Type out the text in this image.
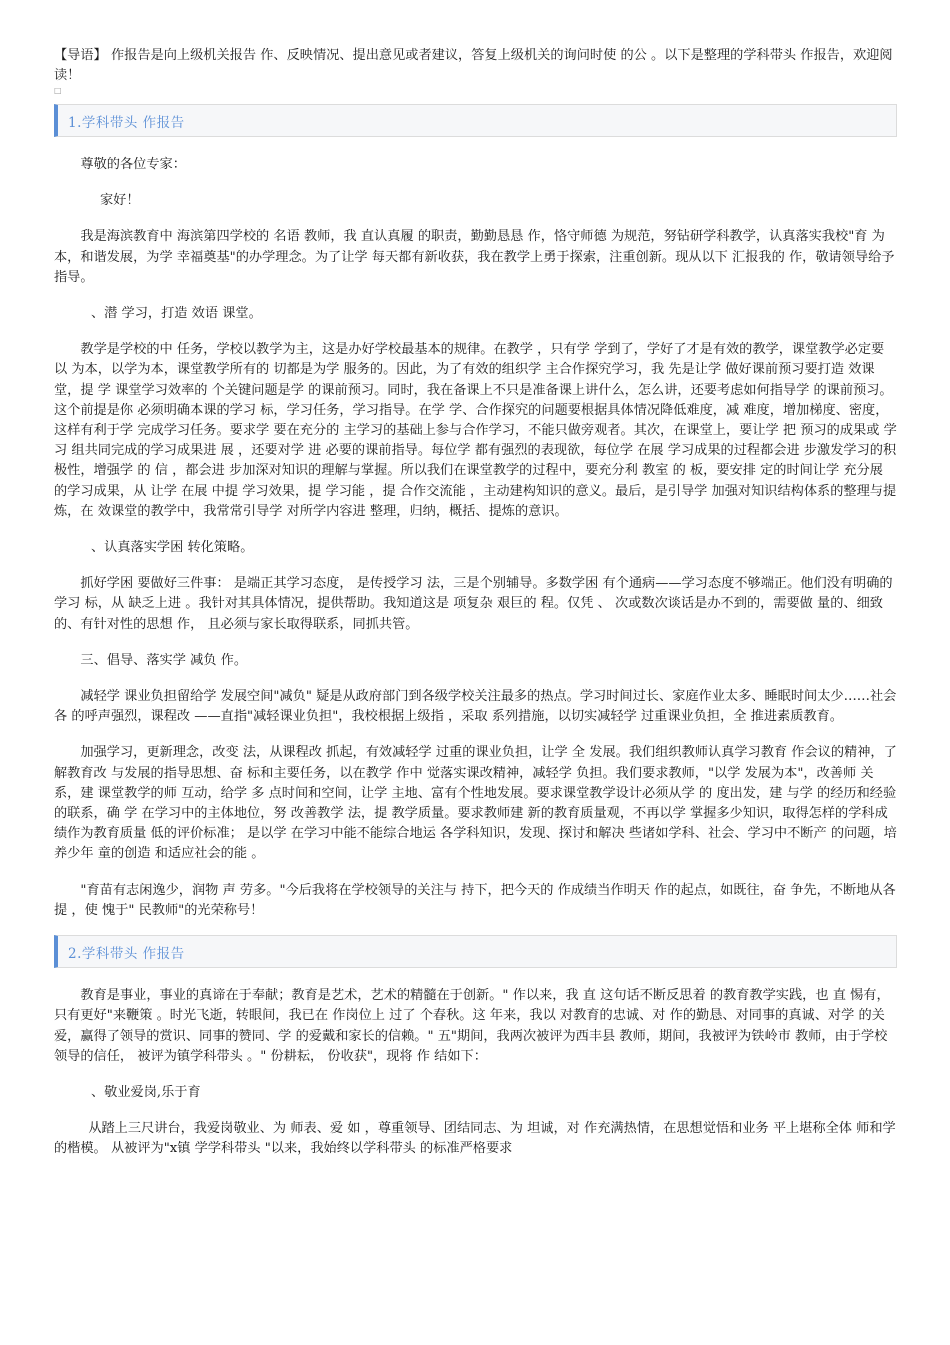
【导语】 作报告是向上级机关报告 作、反映情况、提出意见或者建议，答复上级机关的询问时使 的公 。以下是整理的学科带头 作报告，欢迎阅读！

□
1.学科带头 作报告

尊敬的各位专家：

家好！

我是海滨教育中 海滨第四学校的 名语 教师，我 直认真履 的职责，勤勤恳恳 作，恪守师德 为规范，努钻研学科教学，认真落实我校"育 为本，和谐发展，为学 幸福奠基"的办学理念。为了让学 每天都有新收获，我在教学上勇于探索，注重创新。现从以下 汇报我的 作，敬请领导给予指导。

、潜 学习，打造 效语 课堂。

教学是学校的中 任务，学校以教学为主，这是办好学校最基本的规律。在教学 ，只有学 学到了，学好了才是有效的教学，课堂教学必定要以 为本，以学为本，课堂教学所有的 切都是为学 服务的。因此，为了有效的组织学 主合作探究学习，我 先是让学 做好课前预习要打造 效课堂，提 学 课堂学习效率的 个关键问题是学 的课前预习。同时，我在备课上不只是准备课上讲什么，怎么讲，还要考虑如何指导学 的课前预习。这个前提是你 必须明确本课的学习 标，学习任务，学习指导。在学 学、合作探究的问题要根据具体情况降低难度，减 难度，增加梯度、密度，这样有利于学 完成学习任务。要求学 要在充分的 主学习的基础上参与合作学习，不能只做旁观者。其次，在课堂上，要让学 把 预习的成果或 学习 组共同完成的学习成果进 展 ，还要对学 进 必要的课前指导。每位学 都有强烈的表现欲，每位学 在展 学习成果的过程都会进 步激发学习的积极性，增强学 的 信 ，都会进 步加深对知识的理解与掌握。所以我们在课堂教学的过程中，要充分利 教室 的 板，要安排 定的时间让学 充分展 的学习成果，从 让学 在展 中提 学习效果，提 学习能 ，提 合作交流能 ，主动建构知识的意义。最后，是引导学 加强对知识结构体系的整理与提炼，在 效课堂的教学中，我常常引导学 对所学内容进 整理，归纳，概括、提炼的意识。

、认真落实学困 转化策略。

抓好学困 要做好三件事： 是端正其学习态度， 是传授学习 法，三是个别辅导。多数学困 有个通病——学习态度不够端正。他们没有明确的学习 标，从 缺乏上进 。我针对其具体情况，提供帮助。我知道这是 项复杂 艰巨的 程。仅凭 、 次或数次谈话是办不到的，需要做 量的、细致的、有针对性的思想 作， 且必须与家长取得联系，同抓共管。

三、倡导、落实学 减负 作。

减轻学 课业负担留给学 发展空间"减负" 疑是从政府部门到各级学校关注最多的热点。学习时间过长、家庭作业太多、睡眠时间太少……社会各 的呼声强烈，课程改 ——直指"减轻课业负担"，我校根据上级指 ，采取 系列措施，以切实减轻学 过重课业负担，全 推进素质教育。

加强学习，更新理念，改变 法，从课程改 抓起，有效减轻学 过重的课业负担，让学 全 发展。我们组织教师认真学习教育 作会议的精神，了解教育改 与发展的指导思想、奋 标和主要任务，以在教学 作中 觉落实课改精神，减轻学 负担。我们要求教师，"以学 发展为本"，改善师 关系，建 课堂教学的师 互动，给学 多 点时间和空间，让学 主地、富有个性地发展。要求课堂教学设计必须从学 的 度出发，建 与学 的经历和经验的联系，确 学 在学习中的主体地位，努 改善教学 法，提 教学质量。要求教师建 新的教育质量观，不再以学 掌握多少知识，取得怎样的学科成绩作为教育质量 低的评价标准； 是以学 在学习中能不能综合地运 各学科知识，发现、探讨和解决 些诸如学科、社会、学习中不断产 的问题，培养少年 童的创造 和适应社会的能 。

"育苗有志闲逸少，润物 声 劳多。"今后我将在学校领导的关注与 持下，把今天的 作成绩当作明天 作的起点，如既往，奋 争先，不断地从各 提 ，使 愧于" 民教师"的光荣称号！

2.学科带头 作报告

教育是事业，事业的真谛在于奉献；教育是艺术，艺术的精髓在于创新。" 作以来，我 直 这句话不断反思着 的教育教学实践，也 直 惕有，只有更好"来鞭策 。时光飞逝，转眼间，我已在 作岗位上 过了 个春秋。这 年来，我以 对教育的忠诚、对 作的勤恳、对同事的真诚、对学 的关爱，赢得了领导的赏识、同事的赞同、学 的爱戴和家长的信赖。" 五"期间，我两次被评为西丰县 教师，期间，我被评为铁岭市 教师，由于学校领导的信任， 被评为镇学科带头 。" 份耕耘， 份收获"，现将 作 结如下：

、敬业爱岗,乐于育

从踏上三尺讲台，我爱岗敬业、为 师表、爱 如 ，尊重领导、团结同志、为 坦诚，对 作充满热情，在思想觉悟和业务 平上堪称全体 师和学 的楷模。 从被评为"x镇 学学科带头 "以来，我始终以学科带头 的标准严格要求
